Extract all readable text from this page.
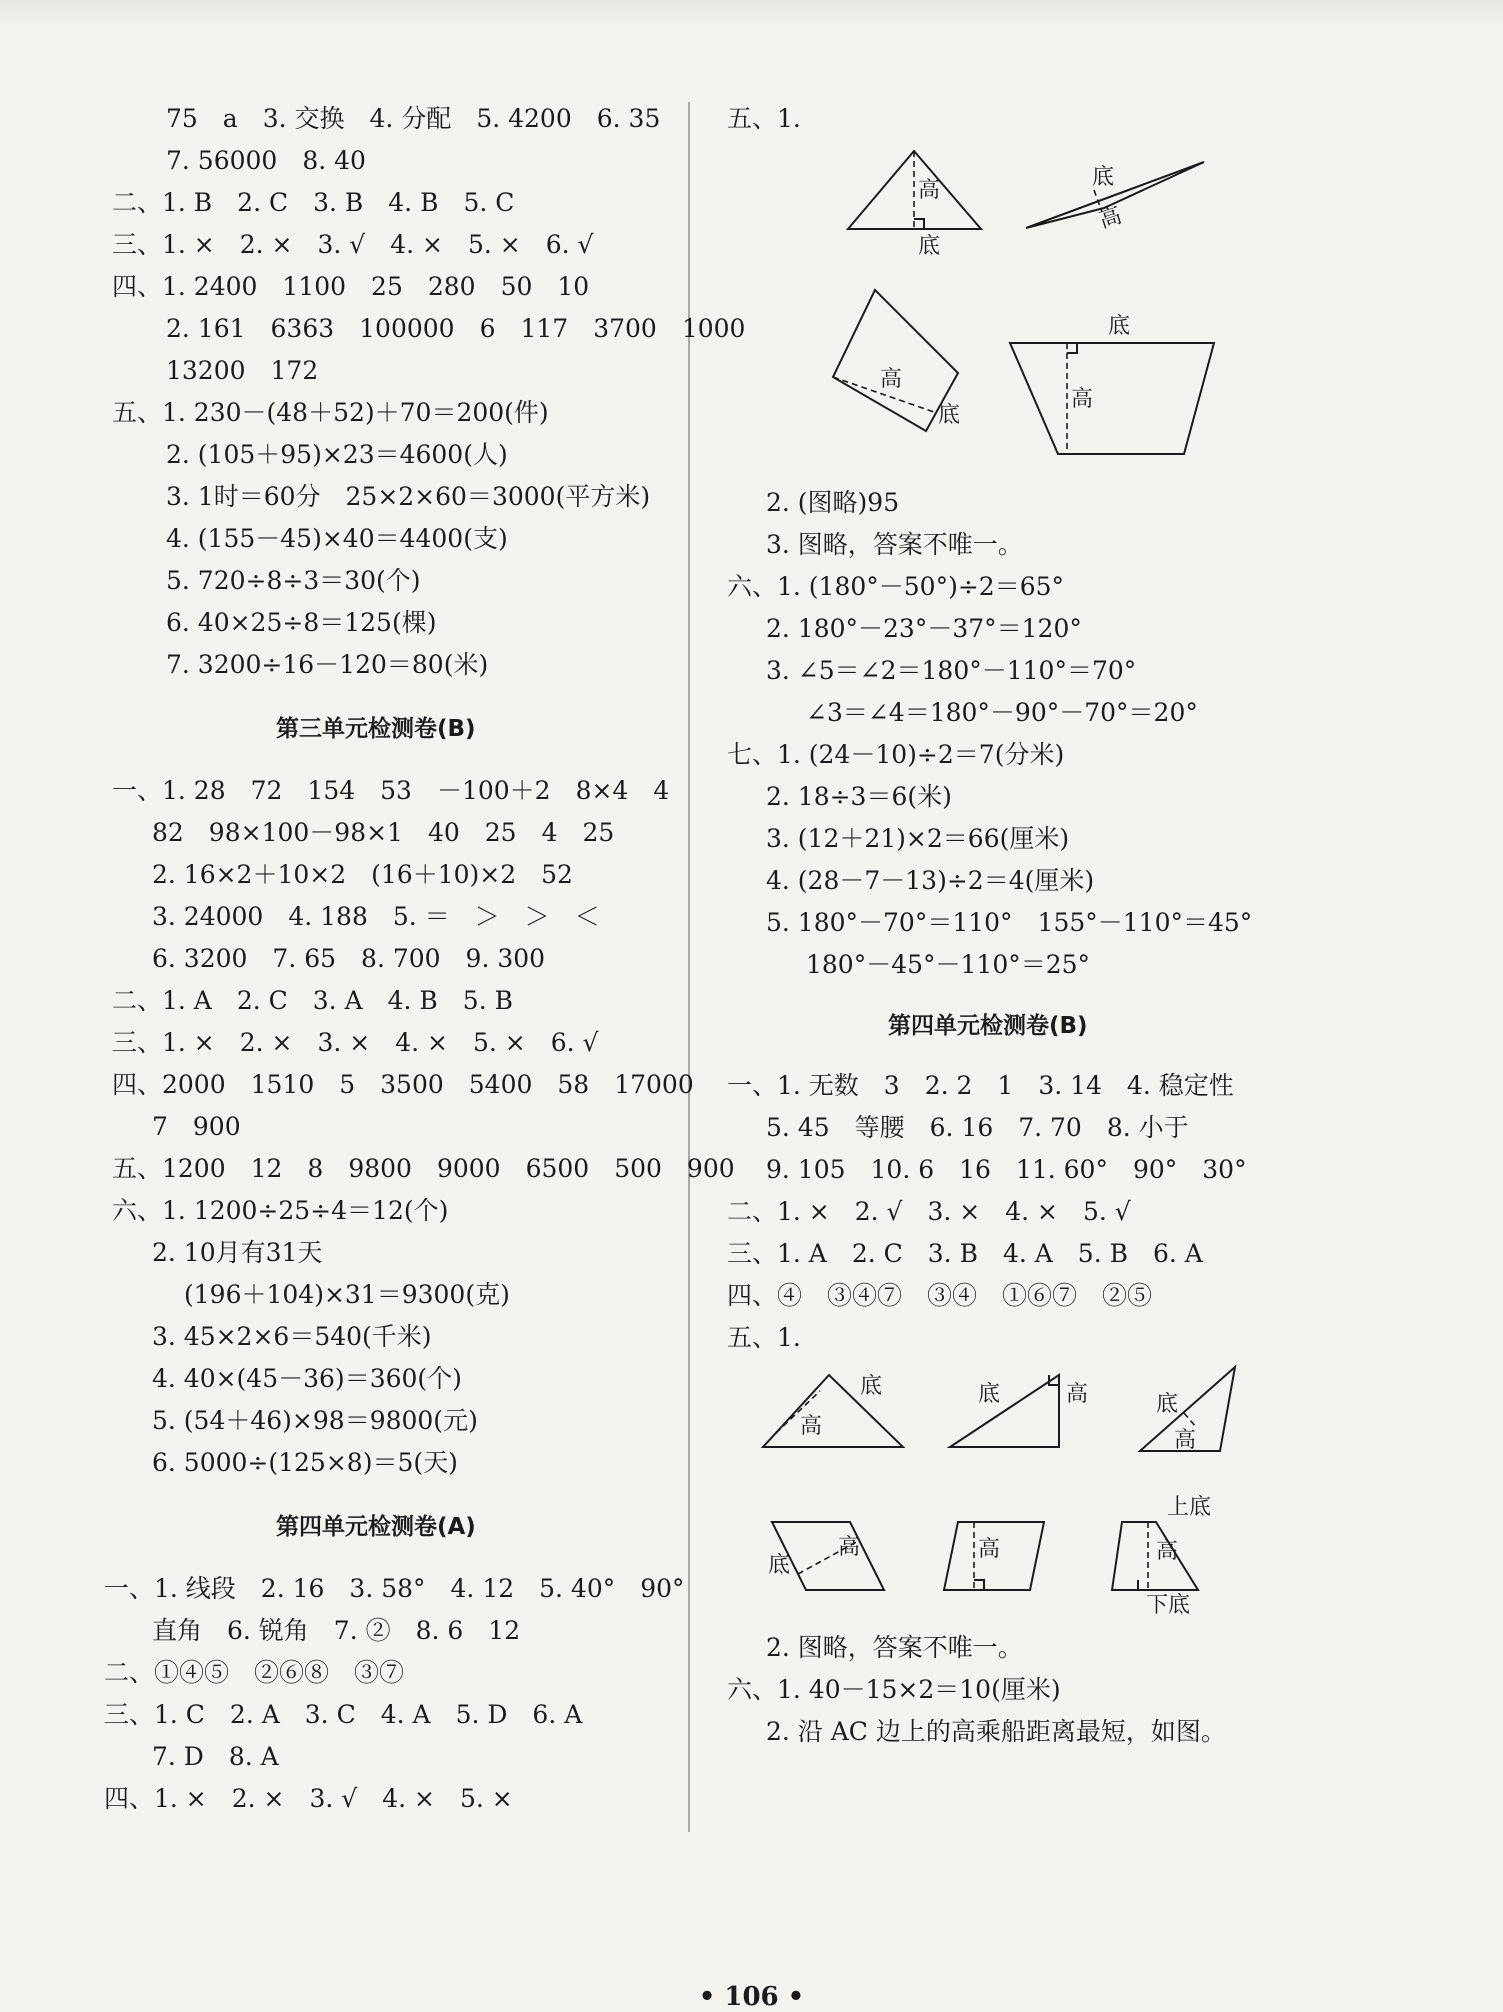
75　a　3. 交换　4. 分配　5. 4200　6. 35
7. 56000　8. 40
二、1. B　2. C　3. B　4. B　5. C
三、1. ×　2. ×　3. √　4. ×　5. ×　6. √
四、1. 2400　1100　25　280　50　10
2. 161　6363　100000　6　117　3700　1000
13200　172
五、1. 230－(48＋52)＋70＝200(件)
2. (105＋95)×23＝4600(人)
3. 1时＝60分　25×2×60＝3000(平方米)
4. (155－45)×40＝4400(支)
5. 720÷8÷3＝30(个)
6. 40×25÷8＝125(棵)
7. 3200÷16－120＝80(米)
第三单元检测卷(B)
一、1. 28　72　154　53　－100＋2　8×4　4
82　98×100－98×1　40　25　4　25
2. 16×2＋10×2　(16＋10)×2　52
3. 24000　4. 188　5. ＝　＞　＞　＜
6. 3200　7. 65　8. 700　9. 300
二、1. A　2. C　3. A　4. B　5. B
三、1. ×　2. ×　3. ×　4. ×　5. ×　6. √
四、2000　1510　5　3500　5400　58　17000
7　900
五、1200　12　8　9800　9000　6500　500　900
六、1. 1200÷25÷4＝12(个)
2. 10月有31天
(196＋104)×31＝9300(克)
3. 45×2×6＝540(千米)
4. 40×(45－36)＝360(个)
5. (54＋46)×98＝9800(元)
6. 5000÷(125×8)＝5(天)
第四单元检测卷(A)
一、1. 线段　2. 16　3. 58°　4. 12　5. 40°　90°
直角　6. 锐角　7. ②　8. 6　12
二、①④⑤　②⑥⑧　③⑦
三、1. C　2. A　3. C　4. A　5. D　6. A
7. D　8. A
四、1. ×　2. ×　3. √　4. ×　5. ×
五、1.
高
底
底
高
高
底
底
高
2. (图略)95
3. 图略，答案不唯一。
六、1. (180°－50°)÷2＝65°
2. 180°－23°－37°＝120°
3. ∠5＝∠2＝180°－110°＝70°
∠3＝∠4＝180°－90°－70°＝20°
七、1. (24－10)÷2＝7(分米)
2. 18÷3＝6(米)
3. (12＋21)×2＝66(厘米)
4. (28－7－13)÷2＝4(厘米)
5. 180°－70°＝110°　155°－110°＝45°
180°－45°－110°＝25°
第四单元检测卷(B)
一、1. 无数　3　2. 2　1　3. 14　4. 稳定性
5. 45　等腰　6. 16　7. 70　8. 小于
9. 105　10. 6　16　11. 60°　90°　30°
二、1. ×　2. √　3. ×　4. ×　5. √
三、1. A　2. C　3. B　4. A　5. B　6. A
四、④　③④⑦　③④　①⑥⑦　②⑤
五、1.
底
高
底	高	底
高
高
底
高
上底
高
下底
2. 图略，答案不唯一。
六、1. 40－15×2＝10(厘米)
2. 沿 AC 边上的高乘船距离最短，如图。
• 106 •
